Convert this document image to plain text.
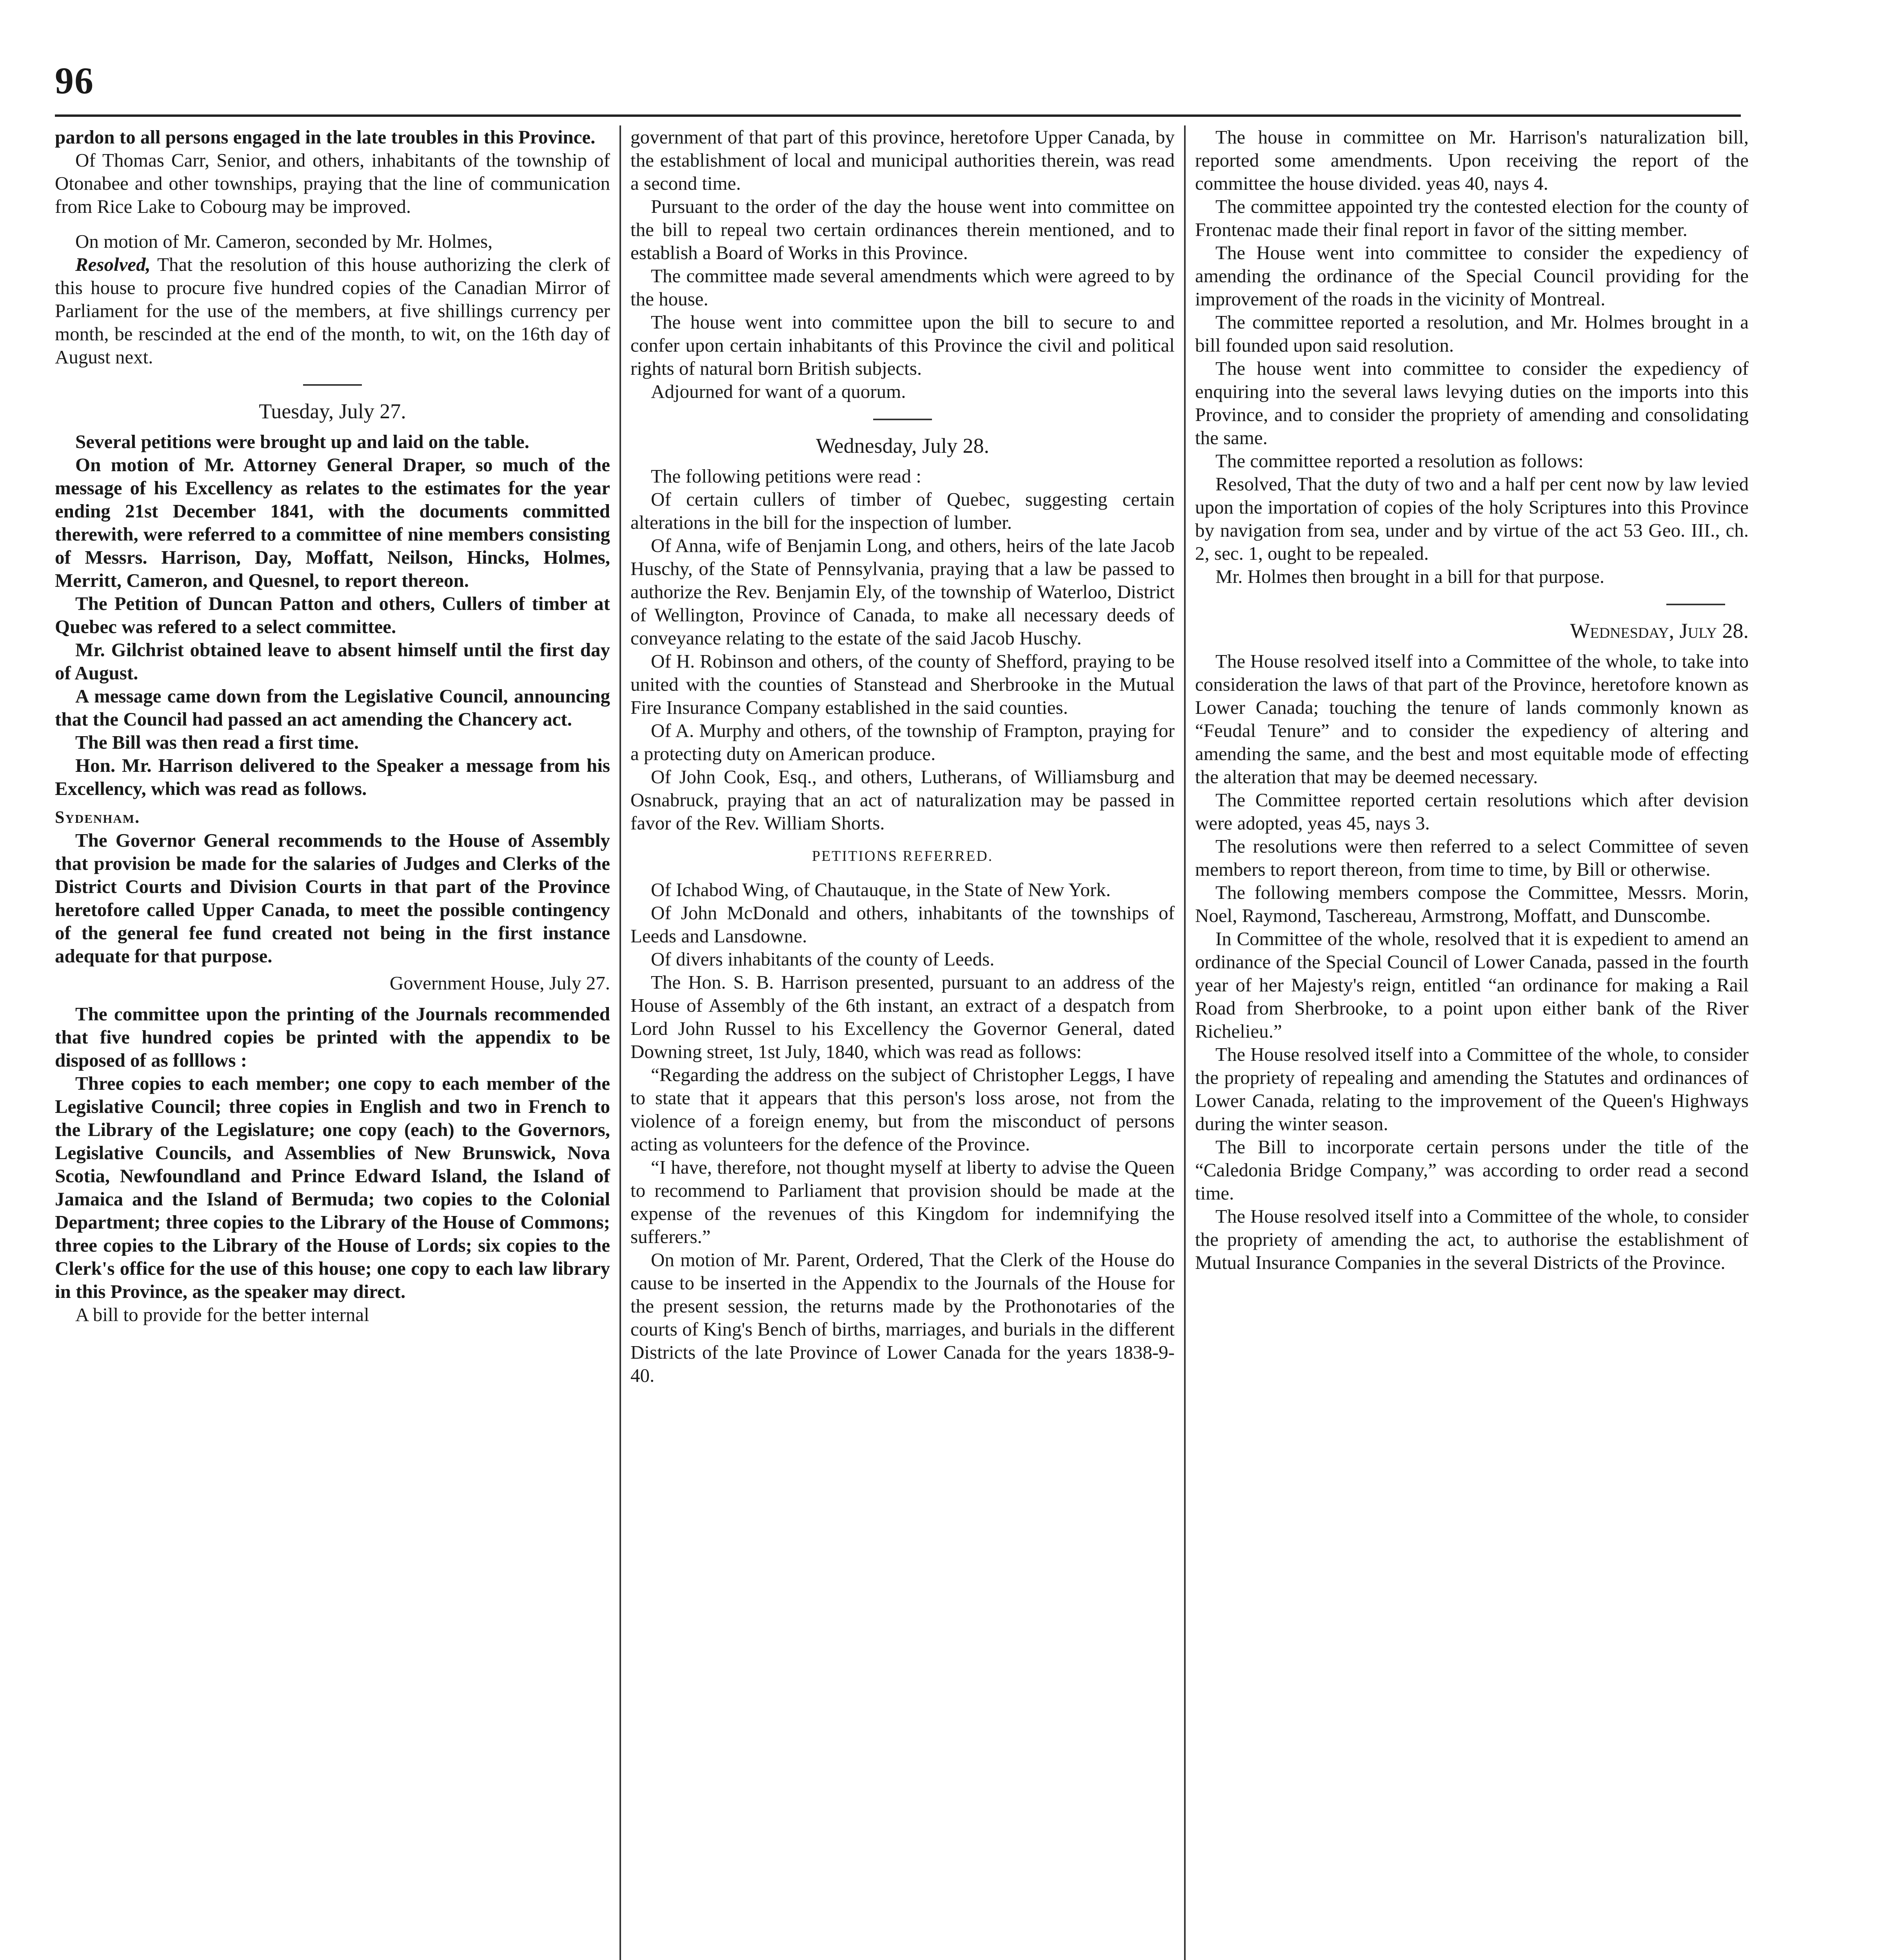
96

pardon to all persons engaged in the late troubles in this Province.

Of Thomas Carr, Senior, and others, inhabitants of the township of Otonabee and other townships, praying that the line of communication from Rice Lake to Cobourg may be improved.

On motion of Mr. Cameron, seconded by Mr. Holmes,

Resolved, That the resolution of this house authorizing the clerk of this house to procure five hundred copies of the Canadian Mirror of Parliament for the use of the members, at five shillings currency per month, be rescinded at the end of the month, to wit, on the 16th day of August next.

Tuesday, July 27.

Several petitions were brought up and laid on the table.

On motion of Mr. Attorney General Draper, so much of the message of his Excellency as relates to the estimates for the year ending 21st December 1841, with the documents committed therewith, were referred to a committee of nine members consisting of Messrs. Harrison, Day, Moffatt, Neilson, Hincks, Holmes, Merritt, Cameron, and Quesnel, to report thereon.

The Petition of Duncan Patton and others, Cullers of timber at Quebec was refered to a select committee.

Mr. Gilchrist obtained leave to absent himself until the first day of August.

A message came down from the Legislative Council, announcing that the Council had passed an act amending the Chancery act.

The Bill was then read a first time.

Hon. Mr. Harrison delivered to the Speaker a message from his Excellency, which was read as follows.

Sydenham.

The Governor General recommends to the House of Assembly that provision be made for the salaries of Judges and Clerks of the District Courts and Division Courts in that part of the Province heretofore called Upper Canada, to meet the possible contingency of the general fee fund created not being in the first instance adequate for that purpose.

Government House, July 27.

The committee upon the printing of the Journals recommended that five hundred copies be printed with the appendix to be disposed of as folllows :

Three copies to each member; one copy to each member of the Legislative Council; three copies in English and two in French to the Library of the Legislature; one copy (each) to the Governors, Legislative Councils, and Assemblies of New Brunswick, Nova Scotia, Newfoundland and Prince Edward Island, the Island of Jamaica and the Island of Bermuda; two copies to the Colonial Department; three copies to the Library of the House of Commons; three copies to the Library of the House of Lords; six copies to the Clerk's office for the use of this house; one copy to each law library in this Province, as the speaker may direct.

A bill to provide for the better internal

government of that part of this province, heretofore Upper Canada, by the establishment of local and municipal authorities therein, was read a second time.

Pursuant to the order of the day the house went into committee on the bill to repeal two certain ordinances therein mentioned, and to establish a Board of Works in this Province.

The committee made several amendments which were agreed to by the house.

The house went into committee upon the bill to secure to and confer upon certain inhabitants of this Province the civil and political rights of natural born British subjects.

Adjourned for want of a quorum.

Wednesday, July 28.

The following petitions were read :

Of certain cullers of timber of Quebec, suggesting certain alterations in the bill for the inspection of lumber.

Of Anna, wife of Benjamin Long, and others, heirs of the late Jacob Huschy, of the State of Pennsylvania, praying that a law be passed to authorize the Rev. Benjamin Ely, of the township of Waterloo, District of Wellington, Province of Canada, to make all necessary deeds of conveyance relating to the estate of the said Jacob Huschy.

Of H. Robinson and others, of the county of Shefford, praying to be united with the counties of Stanstead and Sherbrooke in the Mutual Fire Insurance Company established in the said counties.

Of A. Murphy and others, of the township of Frampton, praying for a protecting duty on American produce.

Of John Cook, Esq., and others, Lutherans, of Williamsburg and Osnabruck, praying that an act of naturalization may be passed in favor of the Rev. William Shorts.

PETITIONS REFERRED.

Of Ichabod Wing, of Chautauque, in the State of New York.

Of John McDonald and others, inhabitants of the townships of Leeds and Lansdowne.

Of divers inhabitants of the county of Leeds.

The Hon. S. B. Harrison presented, pursuant to an address of the House of Assembly of the 6th instant, an extract of a despatch from Lord John Russel to his Excellency the Governor General, dated Downing street, 1st July, 1840, which was read as follows:

“Regarding the address on the subject of Christopher Leggs, I have to state that it appears that this person's loss arose, not from the violence of a foreign enemy, but from the misconduct of persons acting as volunteers for the defence of the Province.

“I have, therefore, not thought myself at liberty to advise the Queen to recommend to Parliament that provision should be made at the expense of the revenues of this Kingdom for indemnifying the sufferers.”

On motion of Mr. Parent, Ordered, That the Clerk of the House do cause to be inserted in the Appendix to the Journals of the House for the present session, the returns made by the Prothonotaries of the courts of King's Bench of births, marriages, and burials in the different Districts of the late Province of Lower Canada for the years 1838-9-40.

The house in committee on Mr. Harrison's naturalization bill, reported some amendments. Upon receiving the report of the committee the house divided. yeas 40, nays 4.

The committee appointed try the contested election for the county of Frontenac made their final report in favor of the sitting member.

The House went into committee to consider the expediency of amending the ordinance of the Special Council providing for the improvement of the roads in the vicinity of Montreal.

The committee reported a resolution, and Mr. Holmes brought in a bill founded upon said resolution.

The house went into committee to consider the expediency of enquiring into the several laws levying duties on the imports into this Province, and to consider the propriety of amending and consolidating the same.

The committee reported a resolution as follows:

Resolved, That the duty of two and a half per cent now by law levied upon the importation of copies of the holy Scriptures into this Province by navigation from sea, under and by virtue of the act 53 Geo. III., ch. 2, sec. 1, ought to be repealed.

Mr. Holmes then brought in a bill for that purpose.

Wednesday, July 28.

The House resolved itself into a Committee of the whole, to take into consideration the laws of that part of the Province, heretofore known as Lower Canada; touching the tenure of lands commonly known as “Feudal Tenure” and to consider the expediency of altering and amending the same, and the best and most equitable mode of effecting the alteration that may be deemed necessary.

The Committee reported certain resolutions which after devision were adopted, yeas 45, nays 3.

The resolutions were then referred to a select Committee of seven members to report thereon, from time to time, by Bill or otherwise.

The following members compose the Committee, Messrs. Morin, Noel, Raymond, Taschereau, Armstrong, Moffatt, and Dunscombe.

In Committee of the whole, resolved that it is expedient to amend an ordinance of the Special Council of Lower Canada, passed in the fourth year of her Majesty's reign, entitled “an ordinance for making a Rail Road from Sherbrooke, to a point upon either bank of the River Richelieu.”

The House resolved itself into a Committee of the whole, to consider the propriety of repealing and amending the Statutes and ordinances of Lower Canada, relating to the improvement of the Queen's Highways during the winter season.

The Bill to incorporate certain persons under the title of the “Caledonia Bridge Company,” was according to order read a second time.

The House resolved itself into a Committee of the whole, to consider the propriety of amending the act, to authorise the establishment of Mutual Insurance Companies in the several Districts of the Province.
